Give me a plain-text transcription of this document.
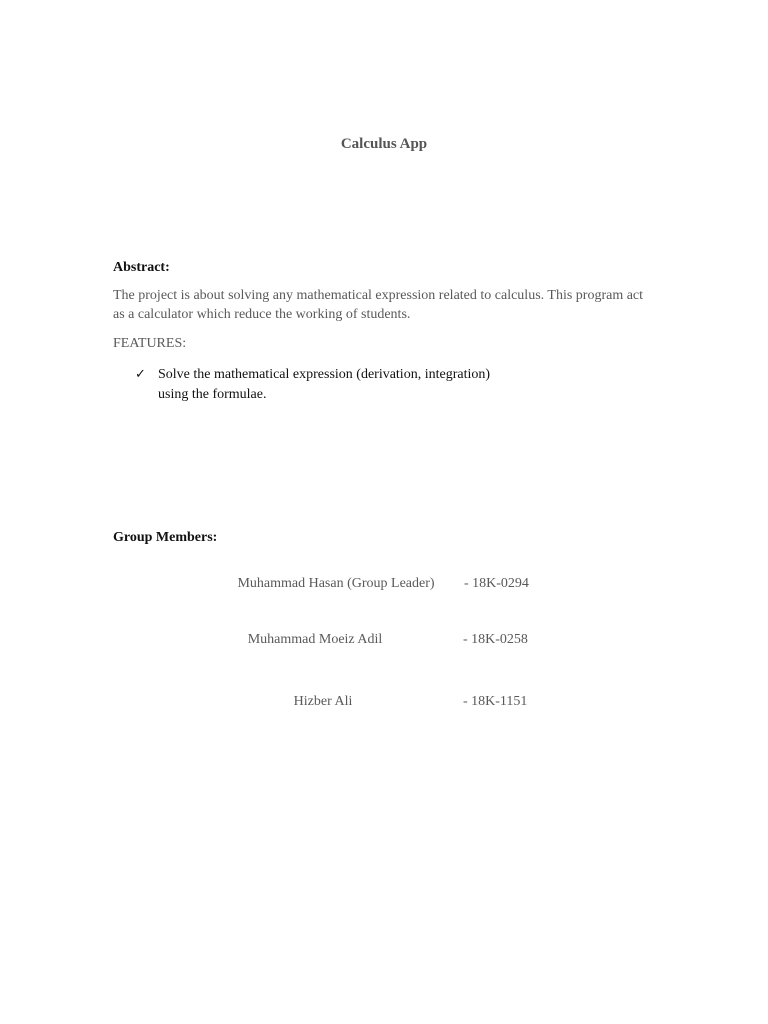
Calculus App
Abstract:
The project is about solving any mathematical expression related to calculus. This program act as a calculator which reduce the working of students.
FEATURES:
✓ Solve the mathematical expression (derivation, integration) using the formulae.
Group Members:
Muhammad Hasan (Group Leader)	- 18K-0294
Muhammad Moeiz Adil	- 18K-0258
Hizber Ali	- 18K-1151
